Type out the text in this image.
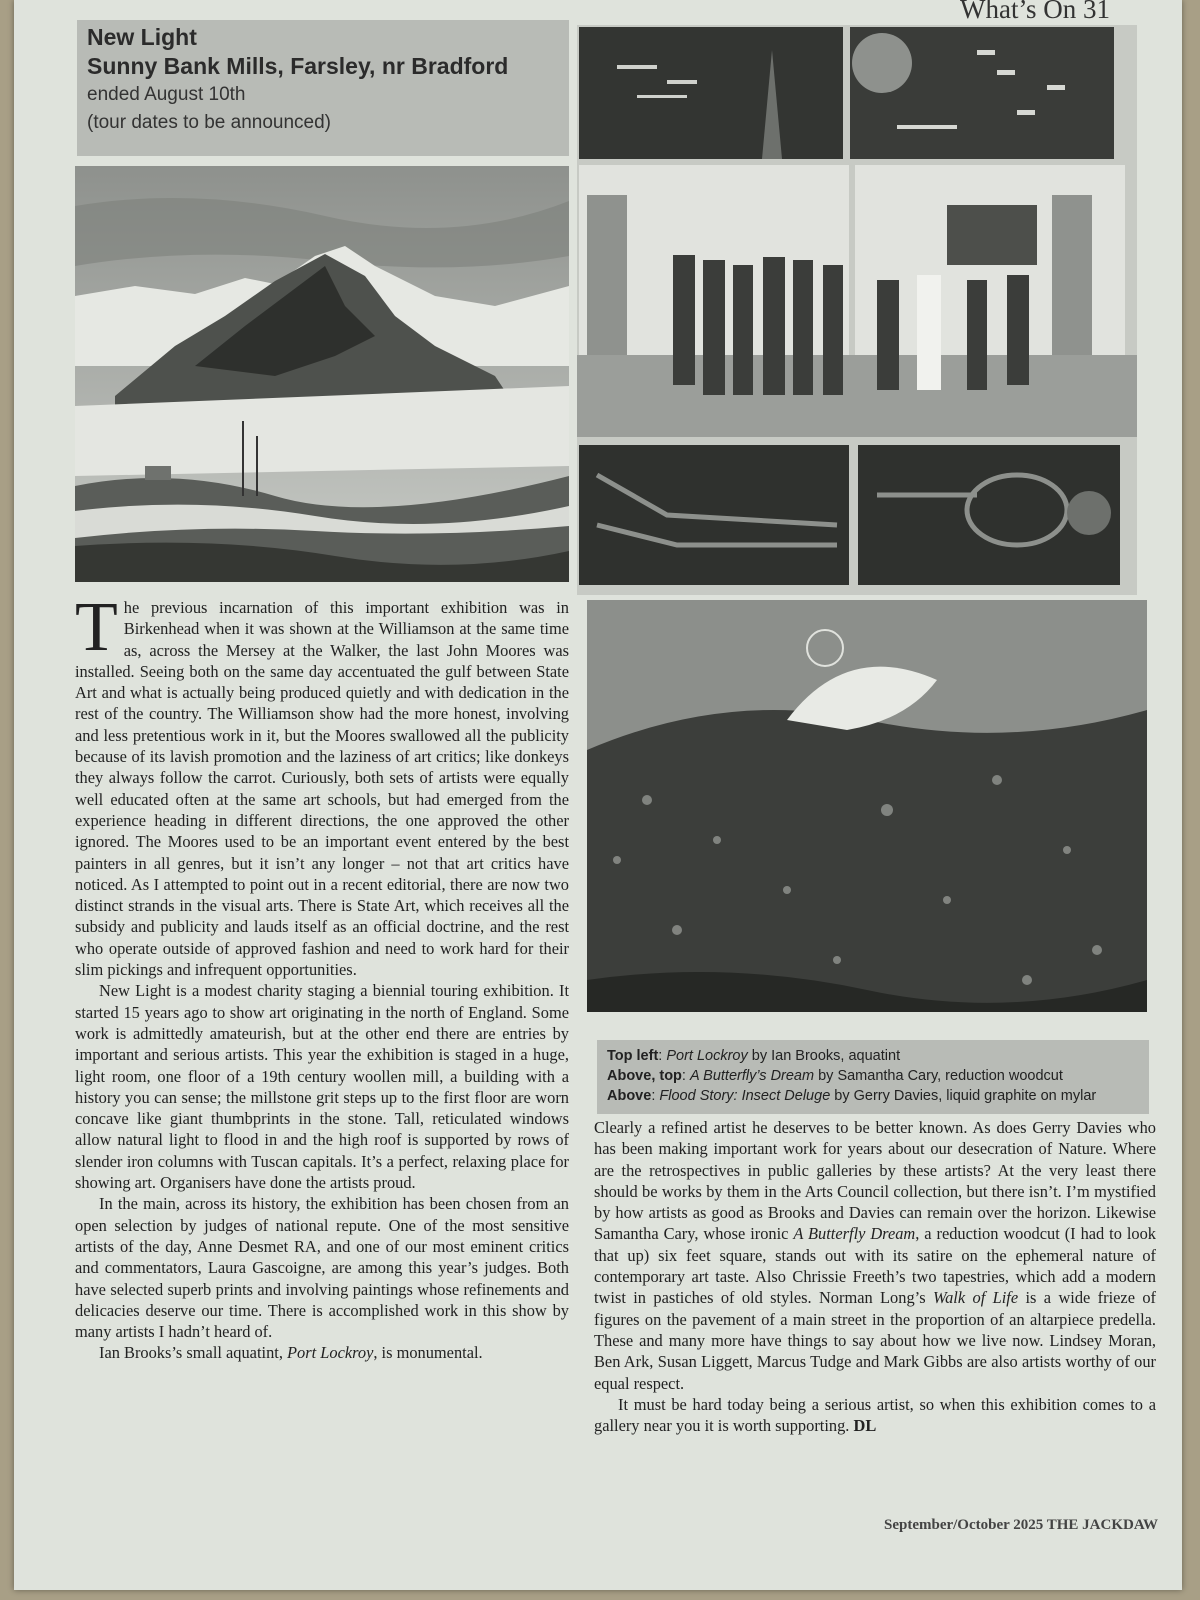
What’s On 31
New Light
Sunny Bank Mills, Farsley, nr Bradford
ended August 10th
(tour dates to be announced)

The previous incarnation of this important exhibition was in Birkenhead when it was shown at the Williamson at the same time as, across the Mersey at the Walker, the last John Moores was installed. Seeing both on the same day accentuated the gulf between State Art and what is actually being produced quietly and with dedication in the rest of the country. The Williamson show had the more honest, involving and less pretentious work in it, but the Moores swallowed all the publicity because of its lavish promotion and the laziness of art critics; like donkeys they always follow the carrot. Curiously, both sets of artists were equally well educated often at the same art schools, but had emerged from the experience heading in different directions, the one approved the other ignored. The Moores used to be an important event entered by the best painters in all genres, but it isn’t any longer – not that art critics have noticed. As I attempted to point out in a recent editorial, there are now two distinct strands in the visual arts. There is State Art, which receives all the subsidy and publicity and lauds itself as an official doctrine, and the rest who operate outside of approved fashion and need to work hard for their slim pickings and infrequent opportunities.

New Light is a modest charity staging a biennial touring exhibition. It started 15 years ago to show art originating in the north of England. Some work is admittedly amateurish, but at the other end there are entries by important and serious artists. This year the exhibition is staged in a huge, light room, one floor of a 19th century woollen mill, a building with a history you can sense; the millstone grit steps up to the first floor are worn concave like giant thumbprints in the stone. Tall, reticulated windows allow natural light to flood in and the high roof is supported by rows of slender iron columns with Tuscan capitals. It’s a perfect, relaxing place for showing art. Organisers have done the artists proud.

In the main, across its history, the exhibition has been chosen from an open selection by judges of national repute. One of the most sensitive artists of the day, Anne Desmet RA, and one of our most eminent critics and commentators, Laura Gascoigne, are among this year’s judges. Both have selected superb prints and involving paintings whose refinements and delicacies deserve our time. There is accomplished work in this show by many artists I hadn’t heard of.

Ian Brooks’s small aquatint, Port Lockroy, is monumental.

Top left: Port Lockroy by Ian Brooks, aquatint
Above, top: A Butterfly’s Dream by Samantha Cary, reduction woodcut
Above: Flood Story: Insect Deluge by Gerry Davies, liquid graphite on mylar

Clearly a refined artist he deserves to be better known. As does Gerry Davies who has been making important work for years about our desecration of Nature. Where are the retrospectives in public galleries by these artists? At the very least there should be works by them in the Arts Council collection, but there isn’t. I’m mystified by how artists as good as Brooks and Davies can remain over the horizon. Likewise Samantha Cary, whose ironic A Butterfly Dream, a reduction woodcut (I had to look that up) six feet square, stands out with its satire on the ephemeral nature of contemporary art taste. Also Chrissie Freeth’s two tapestries, which add a modern twist in pastiches of old styles. Norman Long’s Walk of Life is a wide frieze of figures on the pavement of a main street in the proportion of an altarpiece predella. These and many more have things to say about how we live now. Lindsey Moran, Ben Ark, Susan Liggett, Marcus Tudge and Mark Gibbs are also artists worthy of our equal respect.

It must be hard today being a serious artist, so when this exhibition comes to a gallery near you it is worth supporting. DL

September/October 2025 THE JACKDAW
